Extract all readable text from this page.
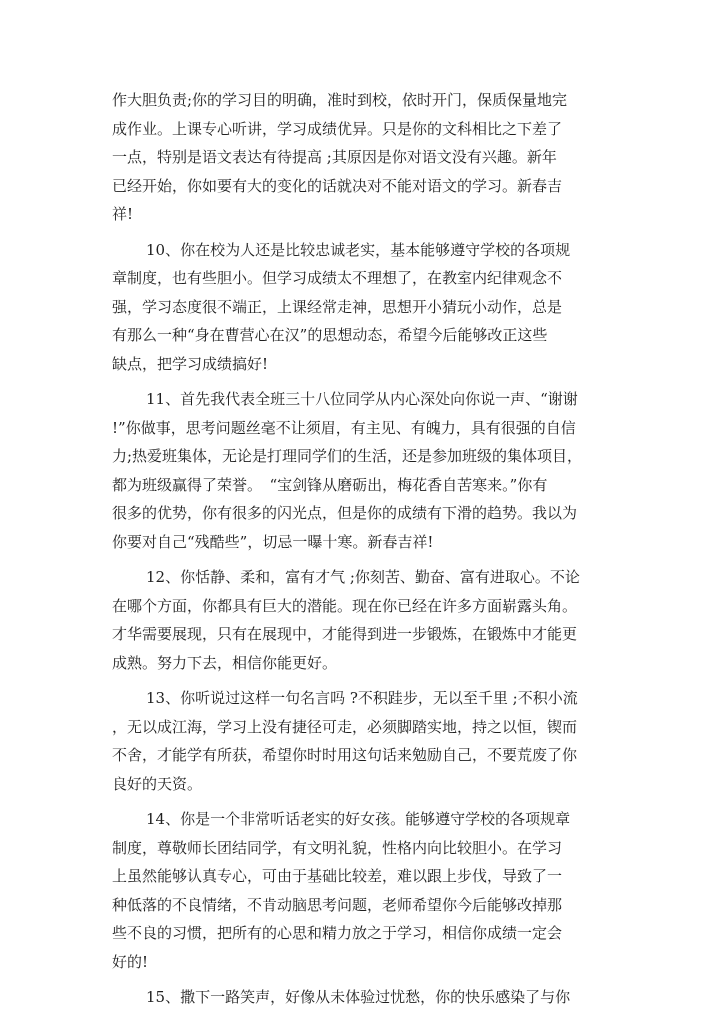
作大胆负责;你的学习目的明确，准时到校，依时开门，保质保量地完
成作业。上课专心听讲，学习成绩优异。只是你的文科相比之下差了
一点，特别是语文表达有待提高 ;其原因是你对语文没有兴趣。新年
已经开始，你如要有大的变化的话就决对不能对语文的学习。新春吉
祥!

10、你在校为人还是比较忠诚老实，基本能够遵守学校的各项规
章制度，也有些胆小。但学习成绩太不理想了，在教室内纪律观念不
强，学习态度很不端正，上课经常走神，思想开小猜玩小动作，总是
有那么一种“身在曹营心在汉”的思想动态，希望今后能够改正这些
缺点，把学习成绩搞好!

11、首先我代表全班三十八位同学从内心深处向你说一声、“谢谢
!”你做事，思考问题丝毫不让须眉，有主见、有魄力，具有很强的自信
力;热爱班集体，无论是打理同学们的生活，还是参加班级的集体项目，
都为班级赢得了荣誉。　“宝剑锋从磨砺出，梅花香自苦寒来。”你有
很多的优势，你有很多的闪光点，但是你的成绩有下滑的趋势。我以为
你要对自己“残酷些”，切忌一曝十寒。新春吉祥!

12、你恬静、柔和，富有才气 ;你刻苦、勤奋、富有进取心。不论
在哪个方面，你都具有巨大的潜能。现在你已经在许多方面崭露头角。
才华需要展现，只有在展现中，才能得到进一步锻炼，在锻炼中才能更
成熟。努力下去，相信你能更好。

13、你听说过这样一句名言吗 ?不积跬步，无以至千里 ;不积小流
，无以成江海，学习上没有捷径可走，必须脚踏实地，持之以恒，锲而
不舍，才能学有所获，希望你时时用这句话来勉励自己，不要荒废了你
良好的天资。

14、你是一个非常听话老实的好女孩。能够遵守学校的各项规章
制度，尊敬师长团结同学，有文明礼貌，性格内向比较胆小。在学习
上虽然能够认真专心，可由于基础比较差，难以跟上步伐，导致了一
种低落的不良情绪，不肯动脑思考问题，老师希望你今后能够改掉那
些不良的习惯，把所有的心思和精力放之于学习，相信你成绩一定会
好的!

15、撒下一路笑声，好像从未体验过忧愁，你的快乐感染了与你
